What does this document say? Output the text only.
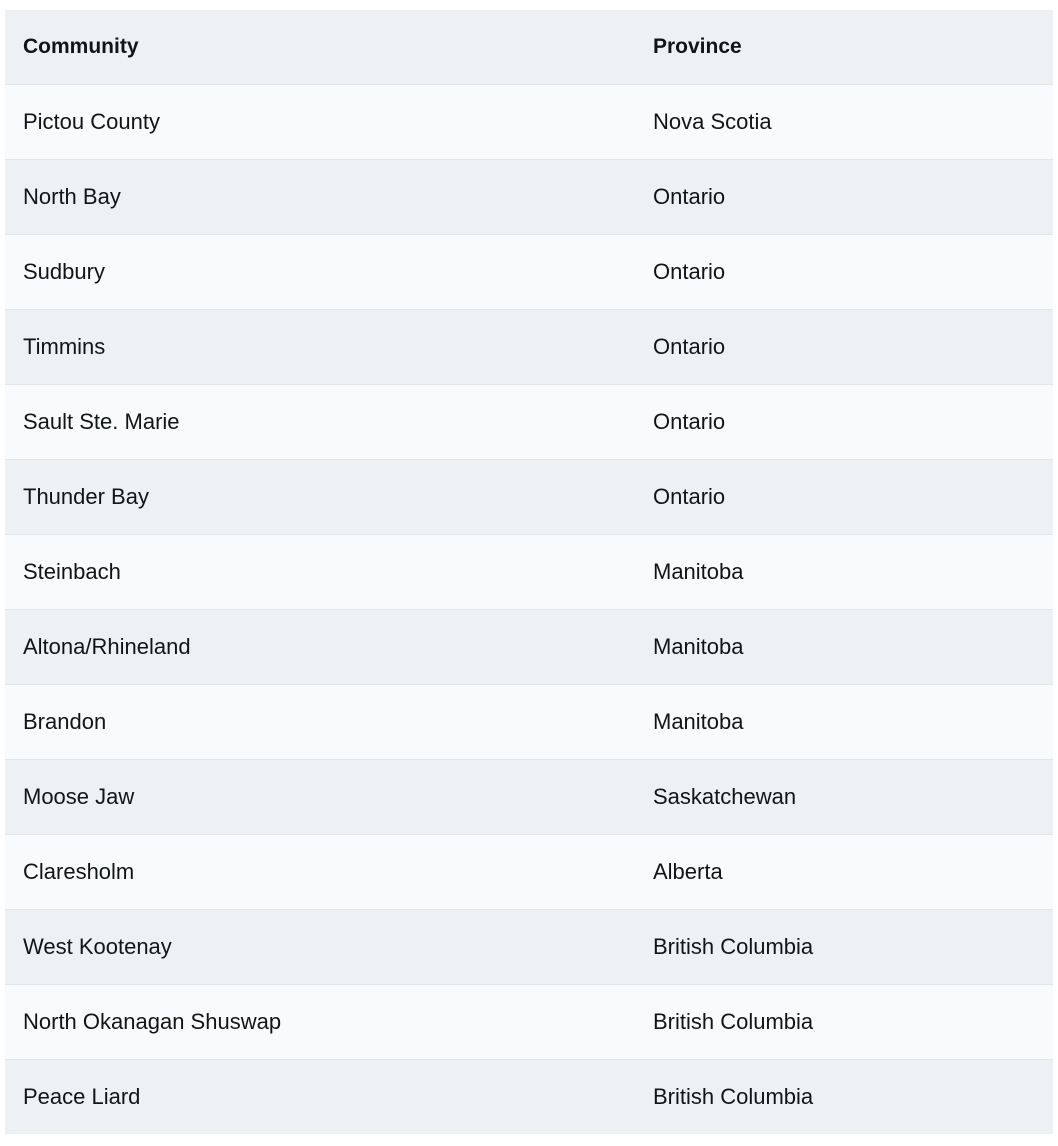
Community	Province
Pictou County	Nova Scotia
North Bay	Ontario
Sudbury	Ontario
Timmins	Ontario
Sault Ste. Marie	Ontario
Thunder Bay	Ontario
Steinbach	Manitoba
Altona/Rhineland	Manitoba
Brandon	Manitoba
Moose Jaw	Saskatchewan
Claresholm	Alberta
West Kootenay	British Columbia
North Okanagan Shuswap	British Columbia
Peace Liard	British Columbia
